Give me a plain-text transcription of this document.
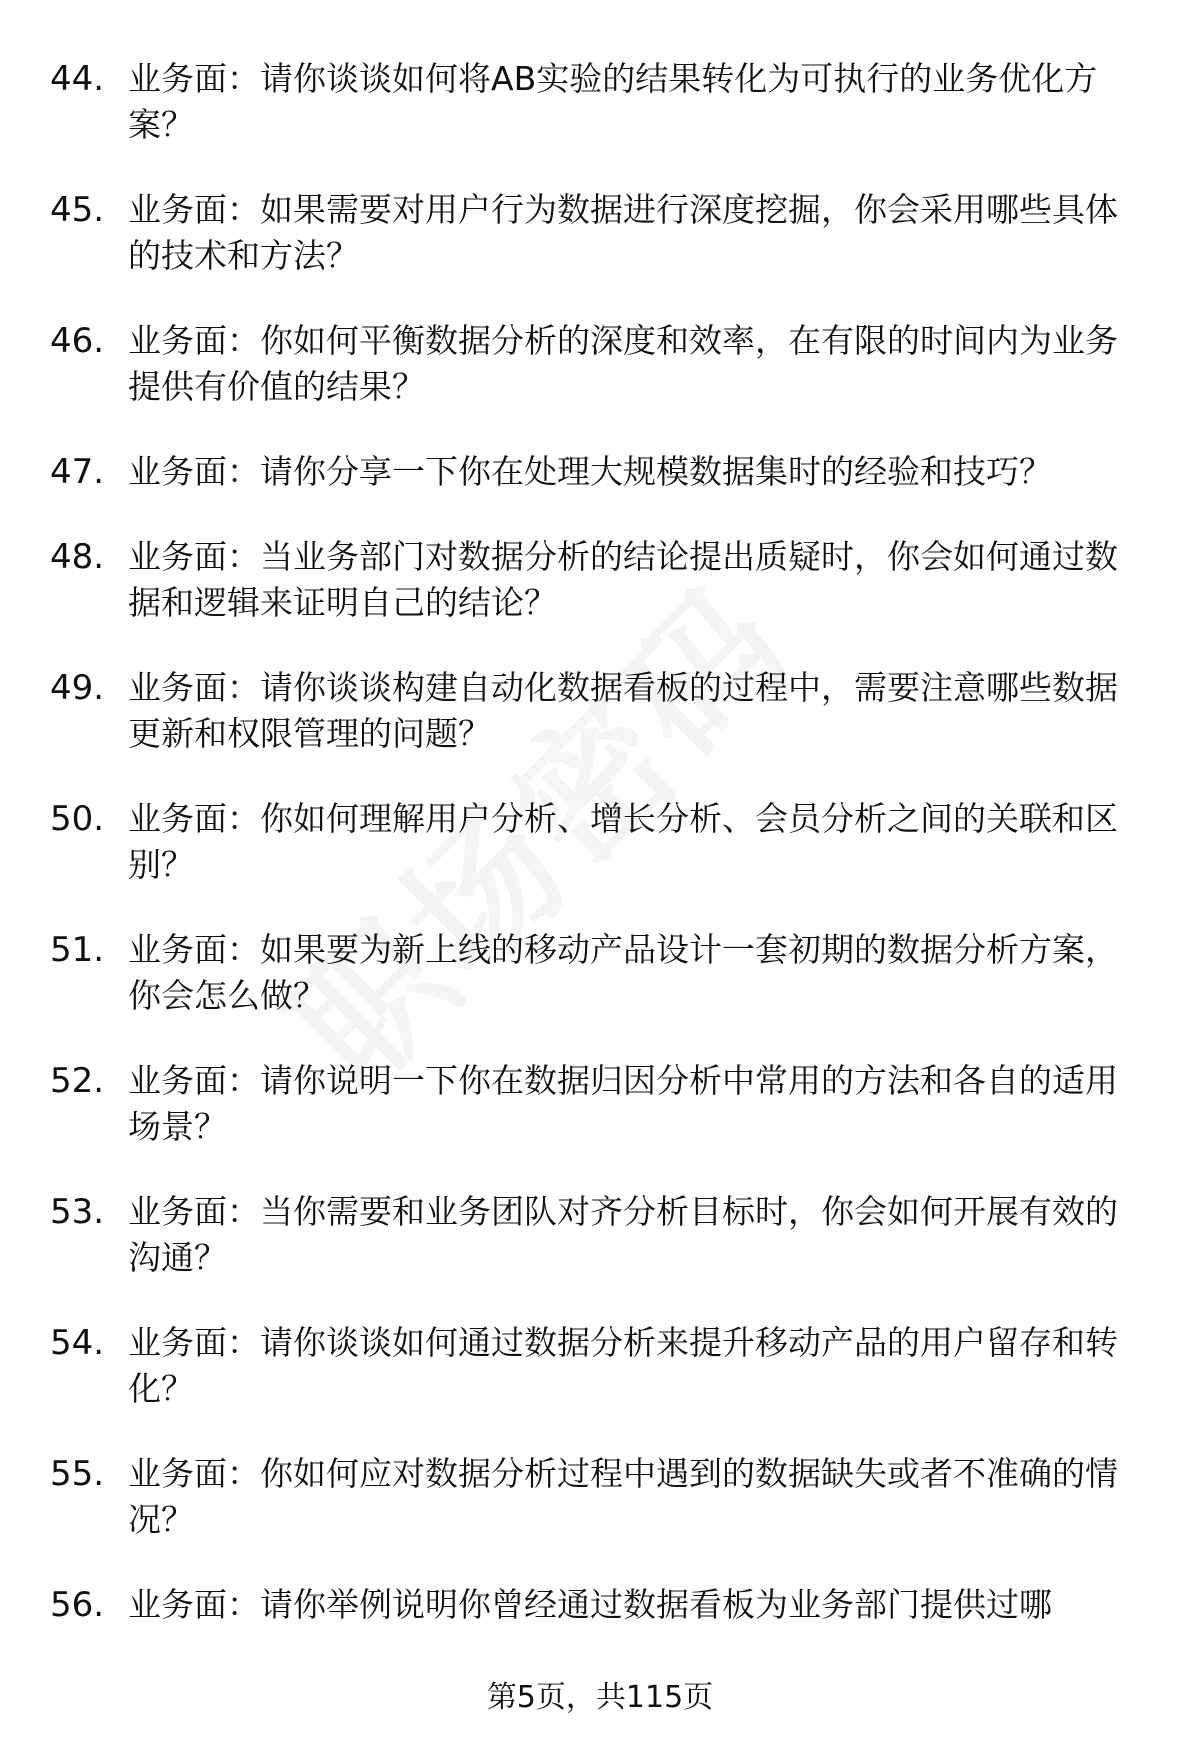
44. 业务面：请你谈谈如何将AB实验的结果转化为可执行的业务优化方案？
45. 业务面：如果需要对用户行为数据进行深度挖掘，你会采用哪些具体的技术和方法？
46. 业务面：你如何平衡数据分析的深度和效率，在有限的时间内为业务提供有价值的结果？
47. 业务面：请你分享一下你在处理大规模数据集时的经验和技巧？
48. 业务面：当业务部门对数据分析的结论提出质疑时，你会如何通过数据和逻辑来证明自己的结论？
49. 业务面：请你谈谈构建自动化数据看板的过程中，需要注意哪些数据更新和权限管理的问题？
50. 业务面：你如何理解用户分析、增长分析、会员分析之间的关联和区别？
51. 业务面：如果要为新上线的移动产品设计一套初期的数据分析方案，你会怎么做？
52. 业务面：请你说明一下你在数据归因分析中常用的方法和各自的适用场景？
53. 业务面：当你需要和业务团队对齐分析目标时，你会如何开展有效的沟通？
54. 业务面：请你谈谈如何通过数据分析来提升移动产品的用户留存和转化？
55. 业务面：你如何应对数据分析过程中遇到的数据缺失或者不准确的情况？
56. 业务面：请你举例说明你曾经通过数据看板为业务部门提供过哪
第5页，共115页
